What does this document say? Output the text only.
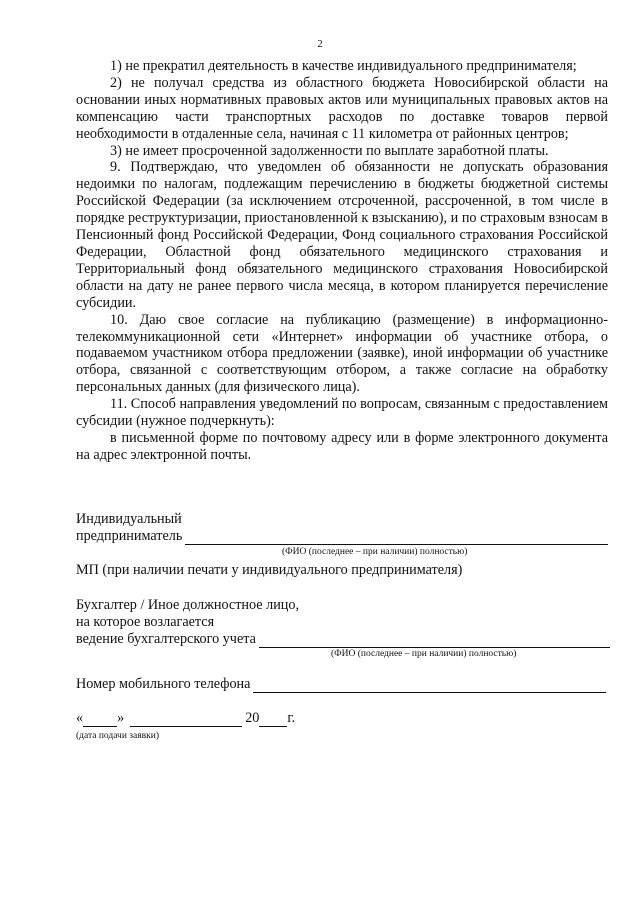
2

1) не прекратил деятельность в качестве индивидуального предпринимателя;

2) не получал средства из областного бюджета Новосибирской области на основании иных нормативных правовых актов или муниципальных правовых актов на компенсацию части транспортных расходов по доставке товаров первой необходимости в отдаленные села, начиная с 11 километра от районных центров;

3) не имеет просроченной задолженности по выплате заработной платы.

9. Подтверждаю, что уведомлен об обязанности не допускать образования недоимки по налогам, подлежащим перечислению в бюджеты бюджетной системы Российской Федерации (за исключением отсроченной, рассроченной, в том числе в порядке реструктуризации, приостановленной к взысканию), и по страховым взносам в Пенсионный фонд Российской Федерации, Фонд социального страхования Российской Федерации, Областной фонд обязательного медицинского страхования и Территориальный фонд обязательного медицинского страхования Новосибирской области на дату не ранее первого числа месяца, в котором планируется перечисление субсидии.

10. Даю свое согласие на публикацию (размещение) в информационно-телекоммуникационной сети «Интернет» информации об участнике отбора, о подаваемом участником отбора предложении (заявке), иной информации об участнике отбора, связанной с соответствующим отбором, а также согласие на обработку персональных данных (для физического лица).

11. Способ направления уведомлений по вопросам, связанным с предоставлением субсидии (нужное подчеркнуть):

в письменной форме по почтовому адресу или в форме электронного документа на адрес электронной почты.

Индивидуальный
предприниматель
(ФИО (последнее – при наличии) полностью)
МП (при наличии печати у индивидуального предпринимателя)
Бухгалтер / Иное должностное лицо,
на которое возлагается
ведение бухгалтерского учета
(ФИО (последнее – при наличии) полностью)
Номер мобильного телефона
« »	20 г.
(дата подачи заявки)
